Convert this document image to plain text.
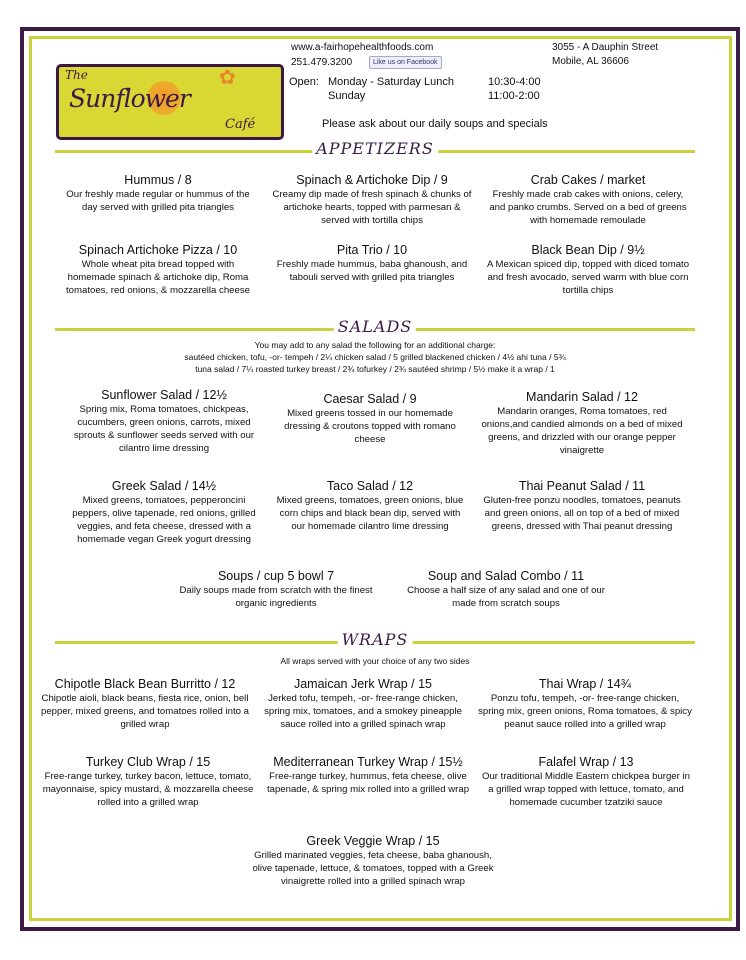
✿
The
Sunflower
Café
www.a-fairhopehealthfoods.com
251.479.3200	Like us on Facebook
3055 - A Dauphin Street
Mobile, AL 36606
Open: Monday - Saturday Lunch	10:30-4:00
Sunday	11:00-2:00
Please ask about our daily soups and specials
APPETIZERS
SALADS
You may add to any salad the following for an additional charge:
sautéed chicken, tofu, -or- tempeh / 2¼ chicken salad / 5 grilled blackened chicken / 4½ ahi tuna / 5¾
tuna salad / 7¼ roasted turkey breast / 2¾ tofurkey / 2¾ sautéed shrimp / 5½ make it a wrap / 1
WRAPS
All wraps served with your choice of any two sides
Hummus / 8
Our freshly made regular or hummus of the day served with grilled pita triangles
Spinach & Artichoke Dip / 9
Creamy dip made of fresh spinach & chunks of artichoke hearts, topped with parmesan & served with tortilla chips
Crab Cakes / market
Freshly made crab cakes with onions, celery, and panko crumbs. Served on a bed of greens with homemade remoulade
Spinach Artichoke Pizza / 10
Whole wheat pita bread topped with homemade spinach & artichoke dip, Roma tomatoes, red onions, & mozzarella cheese
Pita Trio / 10
Freshly made hummus, baba ghanoush, and tabouli served with grilled pita triangles
Black Bean Dip / 9½
A Mexican spiced dip, topped with diced tomato and fresh avocado, served warm with blue corn tortilla chips
Sunflower Salad / 12½
Spring mix, Roma tomatoes, chickpeas, cucumbers, green onions, carrots, mixed sprouts & sunflower seeds served with our cilantro lime dressing
Caesar Salad / 9
Mixed greens tossed in our homemade dressing & croutons topped with romano cheese
Mandarin Salad / 12
Mandarin oranges, Roma tomatoes, red onions,and candied almonds on a bed of mixed greens, and drizzled with our orange pepper vinaigrette
Greek Salad / 14½
Mixed greens, tomatoes, pepperoncini peppers, olive tapenade, red onions, grilled veggies, and feta cheese, dressed with a homemade vegan Greek yogurt dressing
Taco Salad / 12
Mixed greens, tomatoes, green onions, blue corn chips and black bean dip, served with our homemade cilantro lime dressing
Thai Peanut Salad / 11
Gluten-free ponzu noodles, tomatoes, peanuts and green onions, all on top of a bed of mixed greens, dressed with Thai peanut dressing
Soups / cup 5 bowl 7
Daily soups made from scratch with the finest organic ingredients
Soup and Salad Combo / 11
Choose a half size of any salad and one of our made from scratch soups
Chipotle Black Bean Burritto / 12
Chipotle aioli, black beans, fiesta rice, onion, bell pepper, mixed greens, and tomatoes rolled into a grilled wrap
Jamaican Jerk Wrap / 15
Jerked tofu, tempeh, -or- free-range chicken, spring mix, tomatoes, and a smokey pineapple sauce rolled into a grilled spinach wrap
Thai Wrap / 14¾
Ponzu tofu, tempeh, -or- free-range chicken, spring mix, green onions, Roma tomatoes, & spicy peanut sauce rolled into a grilled wrap
Turkey Club Wrap / 15
Free-range turkey, turkey bacon, lettuce, tomato, mayonnaise, spicy mustard, & mozzarella cheese rolled into a grilled wrap
Mediterranean Turkey Wrap / 15½
Free-range turkey, hummus, feta cheese, olive tapenade, & spring mix rolled into a grilled wrap
Falafel Wrap / 13
Our traditional Middle Eastern chickpea burger in a grilled wrap topped with lettuce, tomato, and homemade cucumber tzatziki sauce
Greek Veggie Wrap / 15
Grilled marinated veggies, feta cheese, baba ghanoush, olive tapenade, lettuce, & tomatoes, topped with a Greek vinaigrette rolled into a grilled spinach wrap
